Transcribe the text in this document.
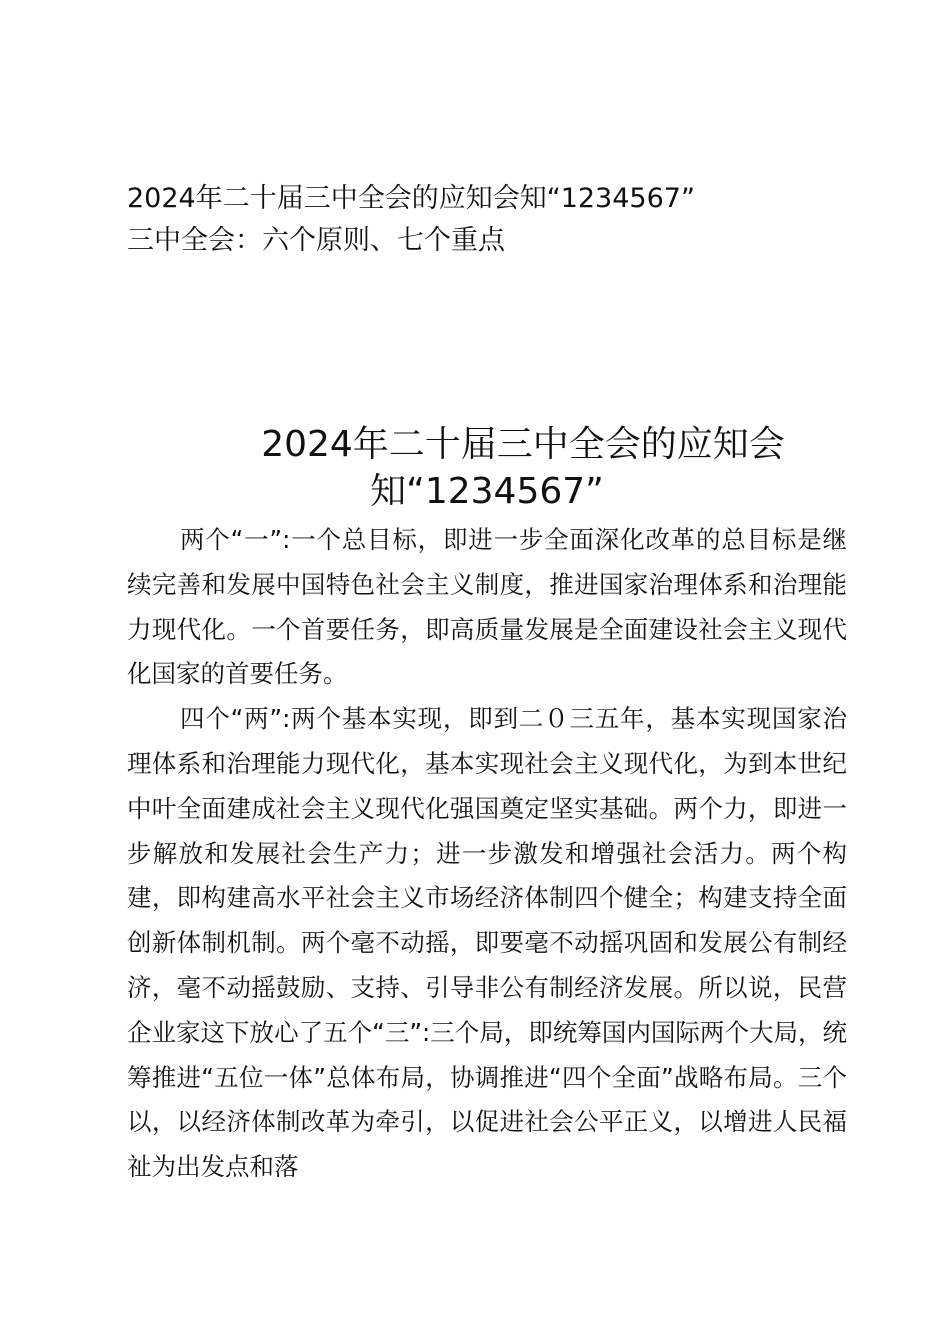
2024年二十届三中全会的应知会知“1234567”
三中全会：六个原则、七个重点
2024年二十届三中全会的应知会
知“1234567”

两个“一”:一个总目标，即进一步全面深化改革的总目标是继续完善和发展中国特色社会主义制度，推进国家治理体系和治理能力现代化。一个首要任务，即高质量发展是全面建设社会主义现代化国家的首要任务。

四个“两”:两个基本实现，即到二０三五年，基本实现国家治理体系和治理能力现代化，基本实现社会主义现代化，为到本世纪中叶全面建成社会主义现代化强国奠定坚实基础。两个力，即进一步解放和发展社会生产力；进一步激发和增强社会活力。两个构建，即构建高水平社会主义市场经济体制四个健全；构建支持全面创新体制机制。两个毫不动摇，即要毫不动摇巩固和发展公有制经济，毫不动摇鼓励、支持、引导非公有制经济发展。所以说，民营企业家这下放心了五个“三”:三个局，即统筹国内国际两个大局，统筹推进“五位一体”总体布局，协调推进“四个全面”战略布局。三个以，以经济体制改革为牵引，以促进社会公平正义，以增进人民福祉为出发点和落
